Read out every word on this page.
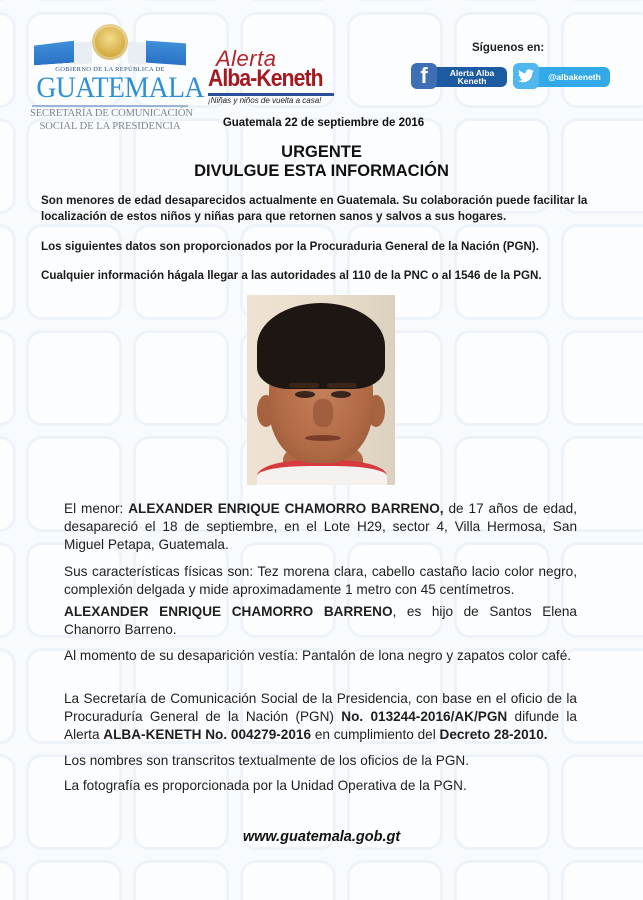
GOBIERNO DE LA REPÚBLICA DE
GUATEMALA
SECRETARÍA DE COMUNICACIÓN
SOCIAL DE LA PRESIDENCIA
Alerta
Alba-Keneth
¡Niñas y niños de vuelta a casa!
Síguenos en:
f	Alerta Alba
Keneth	@albakeneth
Guatemala 22 de septiembre de 2016
URGENTE
DIVULGUE ESTA INFORMACIÓN
Son menores de edad desaparecidos actualmente en Guatemala. Su colaboración puede facilitar la localización de estos niños y niñas para que retornen sanos y salvos a sus hogares.
Los siguientes datos son proporcionados por la Procuraduria General de la Nación (PGN).
Cualquier información hágala llegar a las autoridades al 110 de la PNC o al 1546 de la PGN.
El menor: ALEXANDER ENRIQUE CHAMORRO BARRENO, de 17 años de edad, desapareció el 18 de septiembre, en el Lote H29, sector 4, Villa Hermosa, San Miguel Petapa, Guatemala.
Sus características físicas son: Tez morena clara, cabello castaño lacio color negro, complexión delgada y mide aproximadamente 1 metro con 45 centímetros.
ALEXANDER ENRIQUE CHAMORRO BARRENO, es hijo de Santos Elena Chanorro Barreno.
Al momento de su desaparición vestía: Pantalón de lona negro y zapatos color café.
La Secretaría de Comunicación Social de la Presidencia, con base en el oficio de la Procuraduría General de la Nación (PGN) No. 013244-2016/AK/PGN difunde la Alerta ALBA-KENETH No. 004279-2016 en cumplimiento del Decreto 28-2010.
Los nombres son transcritos textualmente de los oficios de la PGN.
La fotografía es proporcionada por la Unidad Operativa de la PGN.
www.guatemala.gob.gt
